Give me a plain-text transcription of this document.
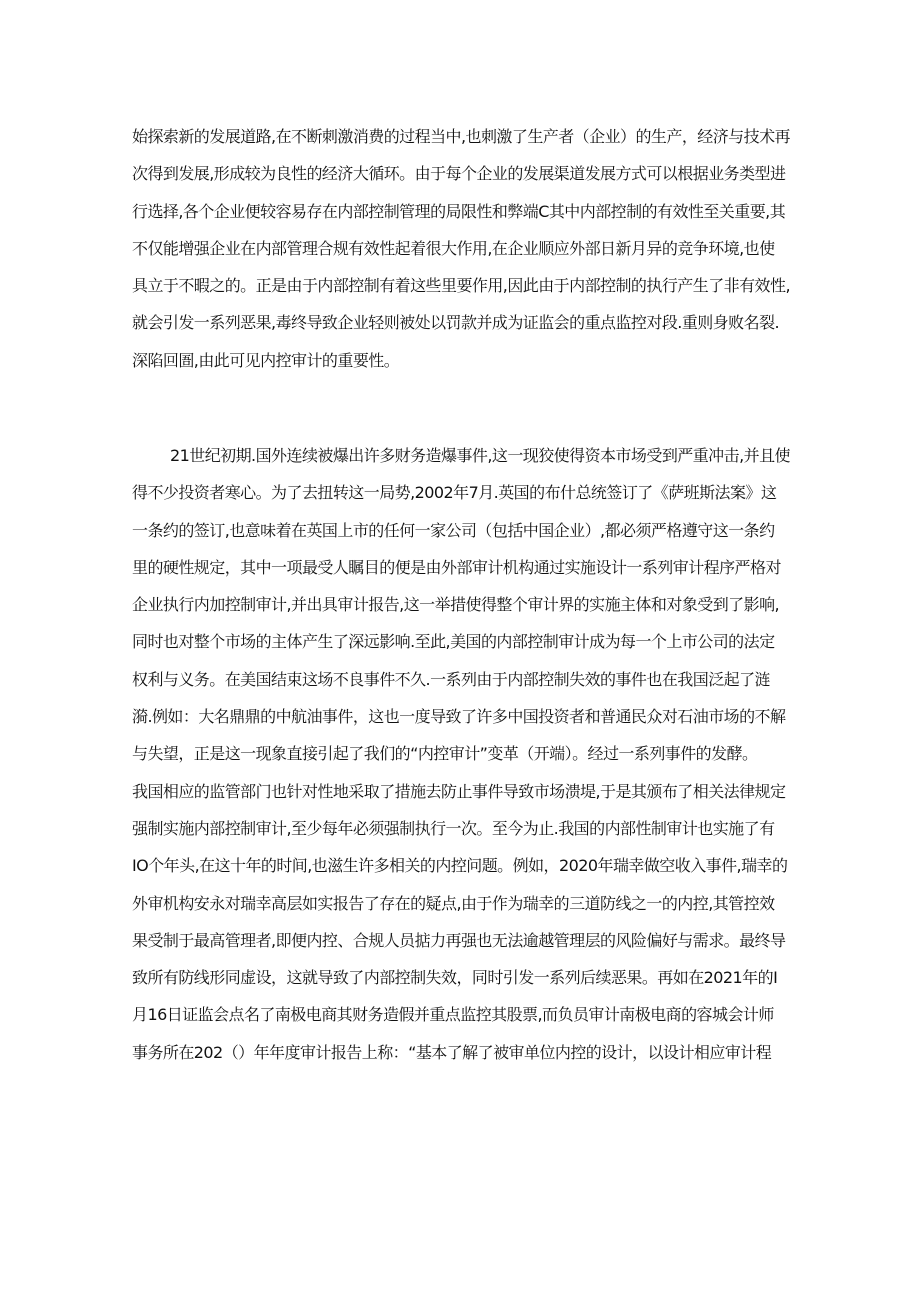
始探索新的发展道路,在不断刺激消费的过程当中,也刺激了生产者（企业）的生产，经济与技术再
次得到发展,形成较为良性的经济大循环。由于每个企业的发展渠道发展方式可以根据业务类型进
行选择,各个企业便较容易存在内部控制管理的局限性和弊端C其中内部控制的有效性至关重要,其
不仅能增强企业在内部管理合规有效性起着很大作用,在企业顺应外部日新月异的竞争环境,也使
具立于不暇之的。正是由于内部控制有着这些里要作用,因此由于内部控制的执行产生了非有效性,
就会引发一系列恶果,毒终导致企业轻则被处以罚款并成为证监会的重点监控对段.重则身败名裂.
深陷回圄,由此可见内控审计的重要性。
21世纪初期.国外连续被爆出许多财务造爆事件,这一现狡使得资本市场受到严重冲击,并且使
得不少投资者寒心。为了去扭转这一局势,2002年7月.英国的布什总统签订了《萨班斯法案》这
一条约的签订,也意味着在英国上市的任何一家公司（包括中国企业）,都必须严格遵守这一条约
里的硬性规定，其中一项最受人瞩目的便是由外部审计机构通过实施设计一系列审计程序严格对
企业执行内加控制审计,并出具审计报告,这一举措使得整个审计界的实施主体和对象受到了影响,
同时也对整个市场的主体产生了深远影响.至此,美国的内部控制审计成为每一个上市公司的法定
权利与义务。在美国结束这场不良事件不久.一系列由于内部控制失效的事件也在我国泛起了涟
漪.例如：大名鼎鼎的中航油事件，这也一度导致了许多中国投资者和普通民众对石油市场的不解
与失望，正是这一现象直接引起了我们的“内控审计”变革（开端）。经过一系列事件的发酵。
我国相应的监管部门也针对性地采取了措施去防止事件导致市场溃堤,于是其颁布了相关法律规定
强制实施内部控制审计,至少每年必须强制执行一次。至今为止.我国的内部性制审计也实施了有
IO个年头,在这十年的时间,也滋生许多相关的内控问题。例如，2020年瑞幸做空收入事件,瑞幸的
外审机构安永对瑞幸高层如实报告了存在的疑点,由于作为瑞幸的三道防线之一的内控,其管控效
果受制于最高管理者,即便内控、合规人员掂力再强也无法逾越管理层的风险偏好与需求。最终导
致所有防线形同虚设，这就导致了内部控制失效，同时引发一系列后续恶果。再如在2021年的I
月16日证监会点名了南极电商其财务造假并重点监控其股票,而负员审计南极电商的容城会计师
事务所在202（）年年度审计报告上称：“基本了解了被审单位内控的设计，以设计相应审计程
